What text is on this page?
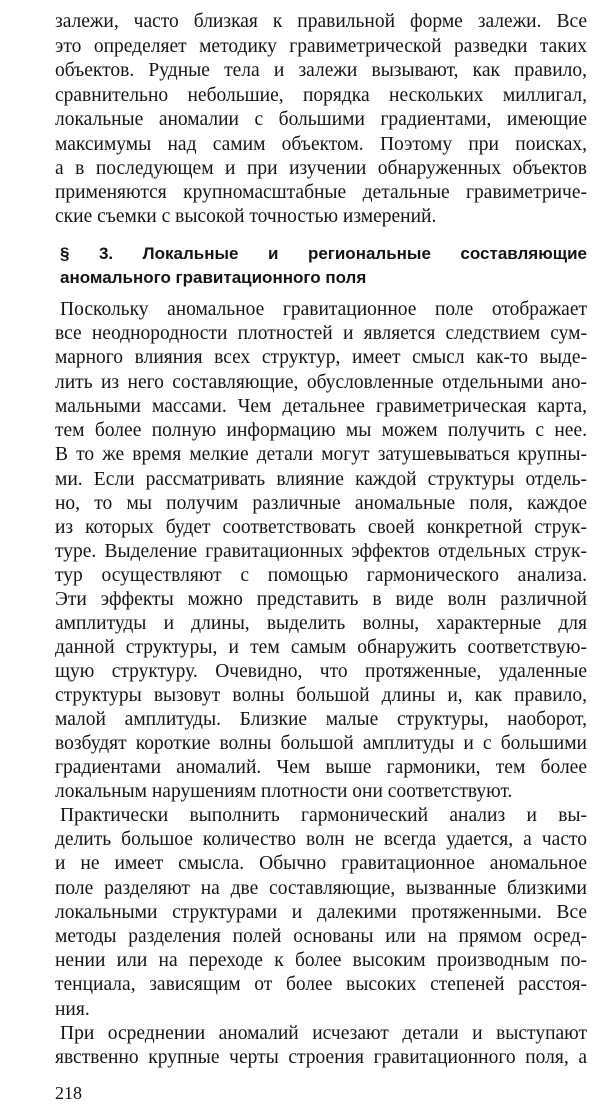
залежи, часто близкая к правильной форме залежи. Все
это определяет методику гравиметрической разведки таких
объектов. Рудные тела и залежи вызывают, как правило,
сравнительно небольшие, порядка нескольких миллигал,
локальные аномалии с большими градиентами, имеющие
максимумы над самим объектом. Поэтому при поисках,
а в последующем и при изучении обнаруженных объектов
применяются крупномасштабные детальные гравиметриче-
ские съемки с высокой точностью измерений.
§ 3. Локальные и региональные составляющие
аномального гравитационного поля
Поскольку аномальное гравитационное поле отображает
все неоднородности плотностей и является следствием сум-
марного влияния всех структур, имеет смысл как-то выде-
лить из него составляющие, обусловленные отдельными ано-
мальными массами. Чем детальнее гравиметрическая карта,
тем более полную информацию мы можем получить с нее.
В то же время мелкие детали могут затушевываться крупны-
ми. Если рассматривать влияние каждой структуры отдель-
но, то мы получим различные аномальные поля, каждое
из которых будет соответствовать своей конкретной струк-
туре. Выделение гравитационных эффектов отдельных струк-
тур осуществляют с помощью гармонического анализа.
Эти эффекты можно представить в виде волн различной
амплитуды и длины, выделить волны, характерные для
данной структуры, и тем самым обнаружить соответствую-
щую структуру. Очевидно, что протяженные, удаленные
структуры вызовут волны большой длины и, как правило,
малой амплитуды. Близкие малые структуры, наоборот,
возбудят короткие волны большой амплитуды и с большими
градиентами аномалий. Чем выше гармоники, тем более
локальным нарушениям плотности они соответствуют.
Практически выполнить гармонический анализ и вы-
делить большое количество волн не всегда удается, а часто
и не имеет смысла. Обычно гравитационное аномальное
поле разделяют на две составляющие, вызванные близкими
локальными структурами и далекими протяженными. Все
методы разделения полей основаны или на прямом осред-
нении или на переходе к более высоким производным по-
тенциала, зависящим от более высоких степеней расстоя-
ния.
При осреднении аномалий исчезают детали и выступают
явственно крупные черты строения гравитационного поля, а
218
